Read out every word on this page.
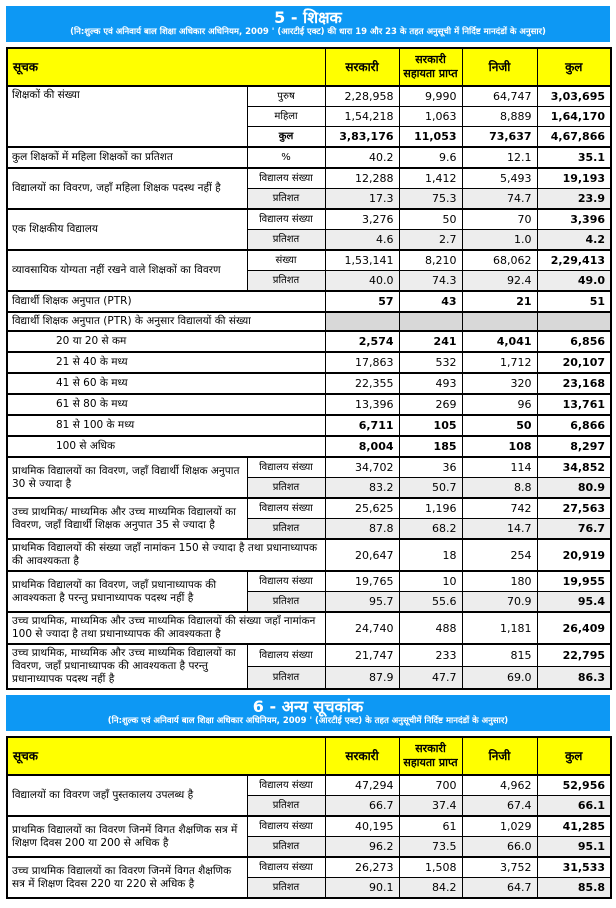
5 - शिक्षक
(नि:शुल्क एवं अनिवार्य बाल शिक्षा अधिकार अधिनियम, 2009 ' (आरटीई एक्ट) की धारा 19 और 23 के तहत अनुसूची में निर्दिष्ट मानदंडों के अनुसार)
सूचक		सरकारी	सरकारी सहायता प्राप्त	निजी	कुल
शिक्षकों की संख्या	पुरुष	2,28,958	9,990	64,747	3,03,695
	महिला	1,54,218	1,063	8,889	1,64,170
	कुल	3,83,176	11,053	73,637	4,67,866
कुल शिक्षकों में महिला शिक्षकों का प्रतिशत	%	40.2	9.6	12.1	35.1
विद्यालयों का विवरण, जहाँ महिला शिक्षक पदस्थ नहीं है	विद्यालय संख्या	12,288	1,412	5,493	19,193
	प्रतिशत	17.3	75.3	74.7	23.9
एक शिक्षकीय विद्यालय	विद्यालय संख्या	3,276	50	70	3,396
	प्रतिशत	4.6	2.7	1.0	4.2
व्यावसायिक योग्यता नहीं रखने वाले शिक्षकों का विवरण	संख्या	1,53,141	8,210	68,062	2,29,413
	प्रतिशत	40.0	74.3	92.4	49.0
विद्यार्थी शिक्षक अनुपात (PTR)		57	43	21	51
विद्यार्थी शिक्षक अनुपात (PTR) के अनुसार विद्यालयों की संख्या					
20 या 20 से कम		2,574	241	4,041	6,856
21 से 40 के मध्य		17,863	532	1,712	20,107
41 से 60 के मध्य		22,355	493	320	23,168
61 से 80 के मध्य		13,396	269	96	13,761
81 से 100 के मध्य		6,711	105	50	6,866
100 से अधिक		8,004	185	108	8,297
प्राथमिक विद्यालयों का विवरण, जहाँ विद्यार्थी शिक्षक अनुपात 30 से ज्यादा है	विद्यालय संख्या	34,702	36	114	34,852
	प्रतिशत	83.2	50.7	8.8	80.9
उच्च प्राथमिक/ माध्यमिक और उच्च माध्यमिक विद्यालयों का विवरण, जहाँ विद्यार्थी शिक्षक अनुपात 35 से ज्यादा है	विद्यालय संख्या	25,625	1,196	742	27,563
	प्रतिशत	87.8	68.2	14.7	76.7
प्राथमिक विद्यालयों की संख्या जहाँ नामांकन 150 से ज्यादा है तथा प्रधानाध्यापक की आवश्यकता है		20,647	18	254	20,919
प्राथमिक विद्यालयों का विवरण, जहाँ प्रधानाध्यापक की आवश्यकता है परन्तु प्रधानाध्यापक पदस्थ नहीं है	विद्यालय संख्या	19,765	10	180	19,955
	प्रतिशत	95.7	55.6	70.9	95.4
उच्च प्राथमिक, माध्यमिक और उच्च माध्यमिक विद्यालयों की संख्या जहाँ नामांकन 100 से ज्यादा है तथा प्रधानाध्यापक की आवश्यकता है		24,740	488	1,181	26,409
उच्च प्राथमिक, माध्यमिक और उच्च माध्यमिक विद्यालयों का विवरण, जहाँ प्रधानाध्यापक की आवश्यकता है परन्तु प्रधानाध्यापक पदस्थ नहीं है	विद्यालय संख्या	21,747	233	815	22,795
	प्रतिशत	87.9	47.7	69.0	86.3
6 - अन्य सूचकांक
(नि:शुल्क एवं अनिवार्य बाल शिक्षा अधिकार अधिनियम, 2009 ' (आरटीई एक्ट) के तहत अनुसूचीमें निर्दिष्ट मानदंडों के अनुसार)
सूचक		सरकारी	सरकारी सहायता प्राप्त	निजी	कुल
विद्यालयों का विवरण जहाँ पुस्तकालय उपलब्ध है	विद्यालय संख्या	47,294	700	4,962	52,956
	प्रतिशत	66.7	37.4	67.4	66.1
प्राथमिक विद्यालयों का विवरण जिनमें विगत शैक्षणिक सत्र में शिक्षण दिवस 200 या 200 से अधिक है	विद्यालय संख्या	40,195	61	1,029	41,285
	प्रतिशत	96.2	73.5	66.0	95.1
उच्च प्राथमिक विद्यालयों का विवरण जिनमें विगत शैक्षणिक सत्र में शिक्षण दिवस 220 या 220 से अधिक है	विद्यालय संख्या	26,273	1,508	3,752	31,533
	प्रतिशत	90.1	84.2	64.7	85.8
